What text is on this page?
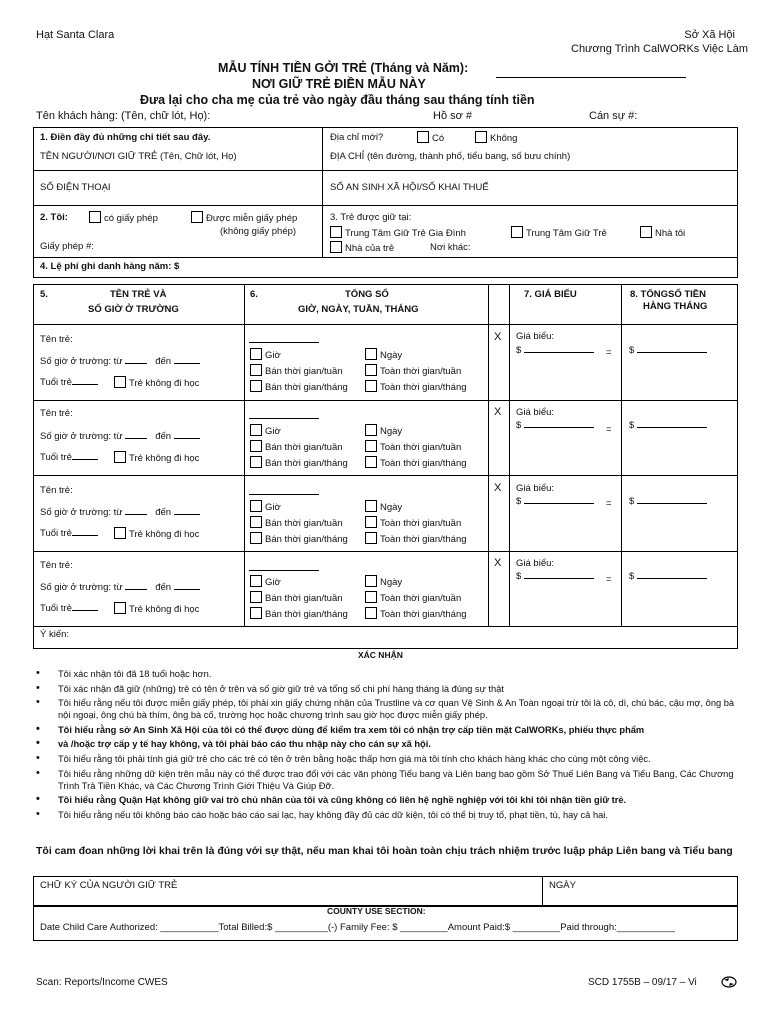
Hạt Santa Clara	Sở Xã Hội
Chương Trình CalWORKs Việc Làm
MẪU TÍNH TIỀN GỞI TRẺ (Tháng và Năm):
NƠI GIỮ TRẺ ĐIỀN MẪU NÀY
Đưa lại cho cha mẹ của trẻ vào ngày đầu tháng sau tháng tính tiền
Tên khách hàng: (Tên, chữ lót, Họ):	Hồ sơ #	Cán sự #:
1. Điền đầy đủ những chi tiết sau đây.	Địa chỉ mới?	Có	Không
TÊN NGƯỜI/NƠI GIỮ TRẺ (Tên, Chữ lót, Họ)	ĐỊA CHỈ (tên đường, thành phố, tiểu bang, số bưu chính)
SỐ ĐIỆN THOẠI	SỐ AN SINH XÃ HỘI/SỐ KHAI THUẾ
2. Tôi:	có giấy phép	Được miễn giấy phép
(không giấy phép)
Giấy phép #:
3. Trẻ được giữ tại:
Trung Tâm Giữ Trẻ Gia Đình	Trung Tâm Giữ Trẻ	Nhà tôi
Nhà của trẻ	Nơi khác:
4. Lệ phí ghi danh hàng năm: $
5.	TÊN TRẺ VÀ
SỐ GIỜ Ở TRƯỜNG
6.	TỔNG SỐ
GIỜ, NGÀY, TUẦN, THÁNG
7. GIÁ BIỂU	8. TỔNGSỐ TIỀN
HÀNG THÁNG
Tên trẻ:
Số giờ ở trường: từ	đến
Tuổi trẻ	Trẻ không đi học
Giờ	Ngày
Bán thời gian/tuần	Toàn thời gian/tuần
Bán thời gian/tháng	Toàn thời gian/tháng
X Giá biểu:
$	= $
Tên trẻ:
Số giờ ở trường: từ	đến
Tuổi trẻ	Trẻ không đi học
Giờ	Ngày
Bán thời gian/tuần	Toàn thời gian/tuần
Bán thời gian/tháng	Toàn thời gian/tháng
X Giá biểu:
$	= $
Tên trẻ:
Số giờ ở trường: từ	đến
Tuổi trẻ	Trẻ không đi học
Giờ	Ngày
Bán thời gian/tuần	Toàn thời gian/tuần
Bán thời gian/tháng	Toàn thời gian/tháng
X Giá biểu:
$	= $
Tên trẻ:
Số giờ ở trường: từ	đến
Tuổi trẻ	Trẻ không đi học
Giờ	Ngày
Bán thời gian/tuần	Toàn thời gian/tuần
Bán thời gian/tháng	Toàn thời gian/tháng
X Giá biểu:
$	= $
Ý kiến:
XÁC NHẬN
• Tôi xác nhận tôi đã 18 tuổi hoặc hơn.
• Tôi xác nhận đã giữ (những) trẻ có tên ở trên và số giờ giữ trẻ và tổng số chi phí hàng tháng là đúng sự thật
• Tôi hiểu rằng nếu tôi được miễn giấy phép, tôi phải xin giấy chứng nhận của Trustline và cơ quan Vệ Sinh & An Toàn ngoại trừ tôi là cô, dì, chú bác, cậu mợ, ông bà nội ngoại, ông chú bà thím, ông bà cố, trường học hoặc chương trình sau giờ học được miễn giấy phép.
• Tôi hiểu rằng sở An Sinh Xã Hội của tôi có thể được dùng để kiểm tra xem tôi có nhận trợ cấp tiền mặt CalWORKs, phiếu thực phẩm
• và /hoặc trợ cấp y tế hay không, và tôi phải báo cáo thu nhập này cho cán sự xã hội.
• Tôi hiểu rằng tôi phải tính giá giữ trẻ cho các trẻ có tên ở trên bằng hoặc thấp hơn giá mà tôi tính cho khách hàng khác cho cùng một công việc.
• Tôi hiểu rằng những dữ kiện trên mẫu này có thể được trao đổi với các văn phòng Tiểu bang và Liên bang bao gồm Sở Thuế Liên Bang và Tiểu Bang, Các Chương Trình Trả Tiền Khác, và Các Chương Trình Giới Thiệu Và Giúp Đỡ.
• Tôi hiểu rằng Quận Hạt không giữ vai trò chủ nhân của tôi và cũng không có liên hệ nghề nghiệp với tôi khi tôi nhận tiền giữ trẻ.
• Tôi hiểu rằng nếu tôi không báo cáo hoặc báo cáo sai lạc, hay không đầy đủ các dữ kiện, tôi có thể bị truy tố, phạt tiền, tù, hay cả hai.
Tôi cam đoan những lời khai trên là đúng với sự thật, nếu man khai tôi hoàn toàn chịu trách nhiệm trước luập pháp Liên bang và Tiểu bang
CHỮ KÝ CỦA NGƯỜI GIỮ TRẺ	NGÀY
COUNTY USE SECTION:
Date Child Care Authorized: ___________Total Billed:$ __________(-) Family Fee: $ _________Amount Paid:$ _________Paid through:___________
Scan: Reports/Income CWES	SCD 1755B – 09/17 – Vi
